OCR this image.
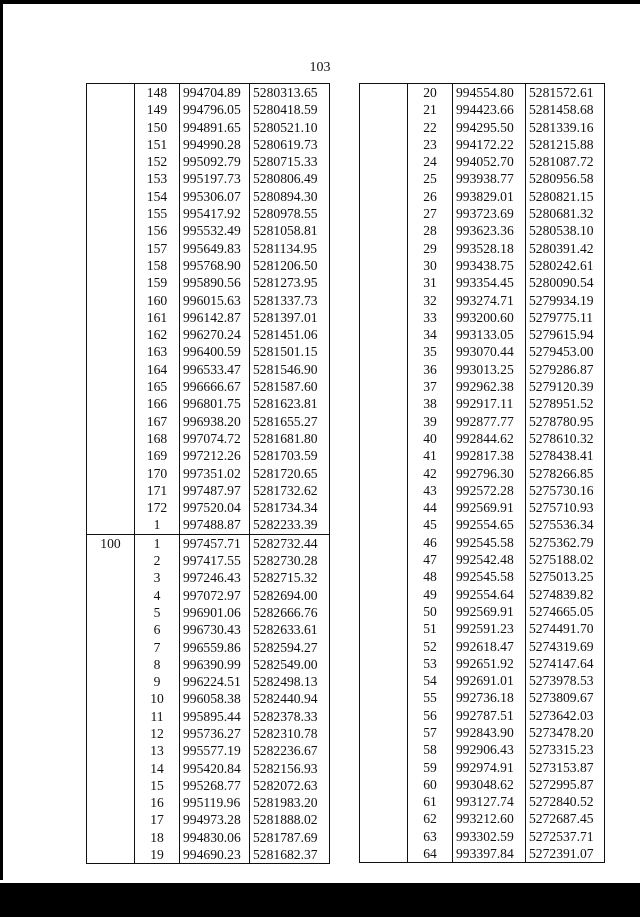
103
	148	994704.89	5280313.65
	149	994796.05	5280418.59
	150	994891.65	5280521.10
	151	994990.28	5280619.73
	152	995092.79	5280715.33
	153	995197.73	5280806.49
	154	995306.07	5280894.30
	155	995417.92	5280978.55
	156	995532.49	5281058.81
	157	995649.83	5281134.95
	158	995768.90	5281206.50
	159	995890.56	5281273.95
	160	996015.63	5281337.73
	161	996142.87	5281397.01
	162	996270.24	5281451.06
	163	996400.59	5281501.15
	164	996533.47	5281546.90
	165	996666.67	5281587.60
	166	996801.75	5281623.81
	167	996938.20	5281655.27
	168	997074.72	5281681.80
	169	997212.26	5281703.59
	170	997351.02	5281720.65
	171	997487.97	5281732.62
	172	997520.04	5281734.34
	1	997488.87	5282233.39
100	1	997457.71	5282732.44
	2	997417.55	5282730.28
	3	997246.43	5282715.32
	4	997072.97	5282694.00
	5	996901.06	5282666.76
	6	996730.43	5282633.61
	7	996559.86	5282594.27
	8	996390.99	5282549.00
	9	996224.51	5282498.13
	10	996058.38	5282440.94
	11	995895.44	5282378.33
	12	995736.27	5282310.78
	13	995577.19	5282236.67
	14	995420.84	5282156.93
	15	995268.77	5282072.63
	16	995119.96	5281983.20
	17	994973.28	5281888.02
	18	994830.06	5281787.69
	19	994690.23	5281682.37
	20	994554.80	5281572.61
	21	994423.66	5281458.68
	22	994295.50	5281339.16
	23	994172.22	5281215.88
	24	994052.70	5281087.72
	25	993938.77	5280956.58
	26	993829.01	5280821.15
	27	993723.69	5280681.32
	28	993623.36	5280538.10
	29	993528.18	5280391.42
	30	993438.75	5280242.61
	31	993354.45	5280090.54
	32	993274.71	5279934.19
	33	993200.60	5279775.11
	34	993133.05	5279615.94
	35	993070.44	5279453.00
	36	993013.25	5279286.87
	37	992962.38	5279120.39
	38	992917.11	5278951.52
	39	992877.77	5278780.95
	40	992844.62	5278610.32
	41	992817.38	5278438.41
	42	992796.30	5278266.85
	43	992572.28	5275730.16
	44	992569.91	5275710.93
	45	992554.65	5275536.34
	46	992545.58	5275362.79
	47	992542.48	5275188.02
	48	992545.58	5275013.25
	49	992554.64	5274839.82
	50	992569.91	5274665.05
	51	992591.23	5274491.70
	52	992618.47	5274319.69
	53	992651.92	5274147.64
	54	992691.01	5273978.53
	55	992736.18	5273809.67
	56	992787.51	5273642.03
	57	992843.90	5273478.20
	58	992906.43	5273315.23
	59	992974.91	5273153.87
	60	993048.62	5272995.87
	61	993127.74	5272840.52
	62	993212.60	5272687.45
	63	993302.59	5272537.71
	64	993397.84	5272391.07
